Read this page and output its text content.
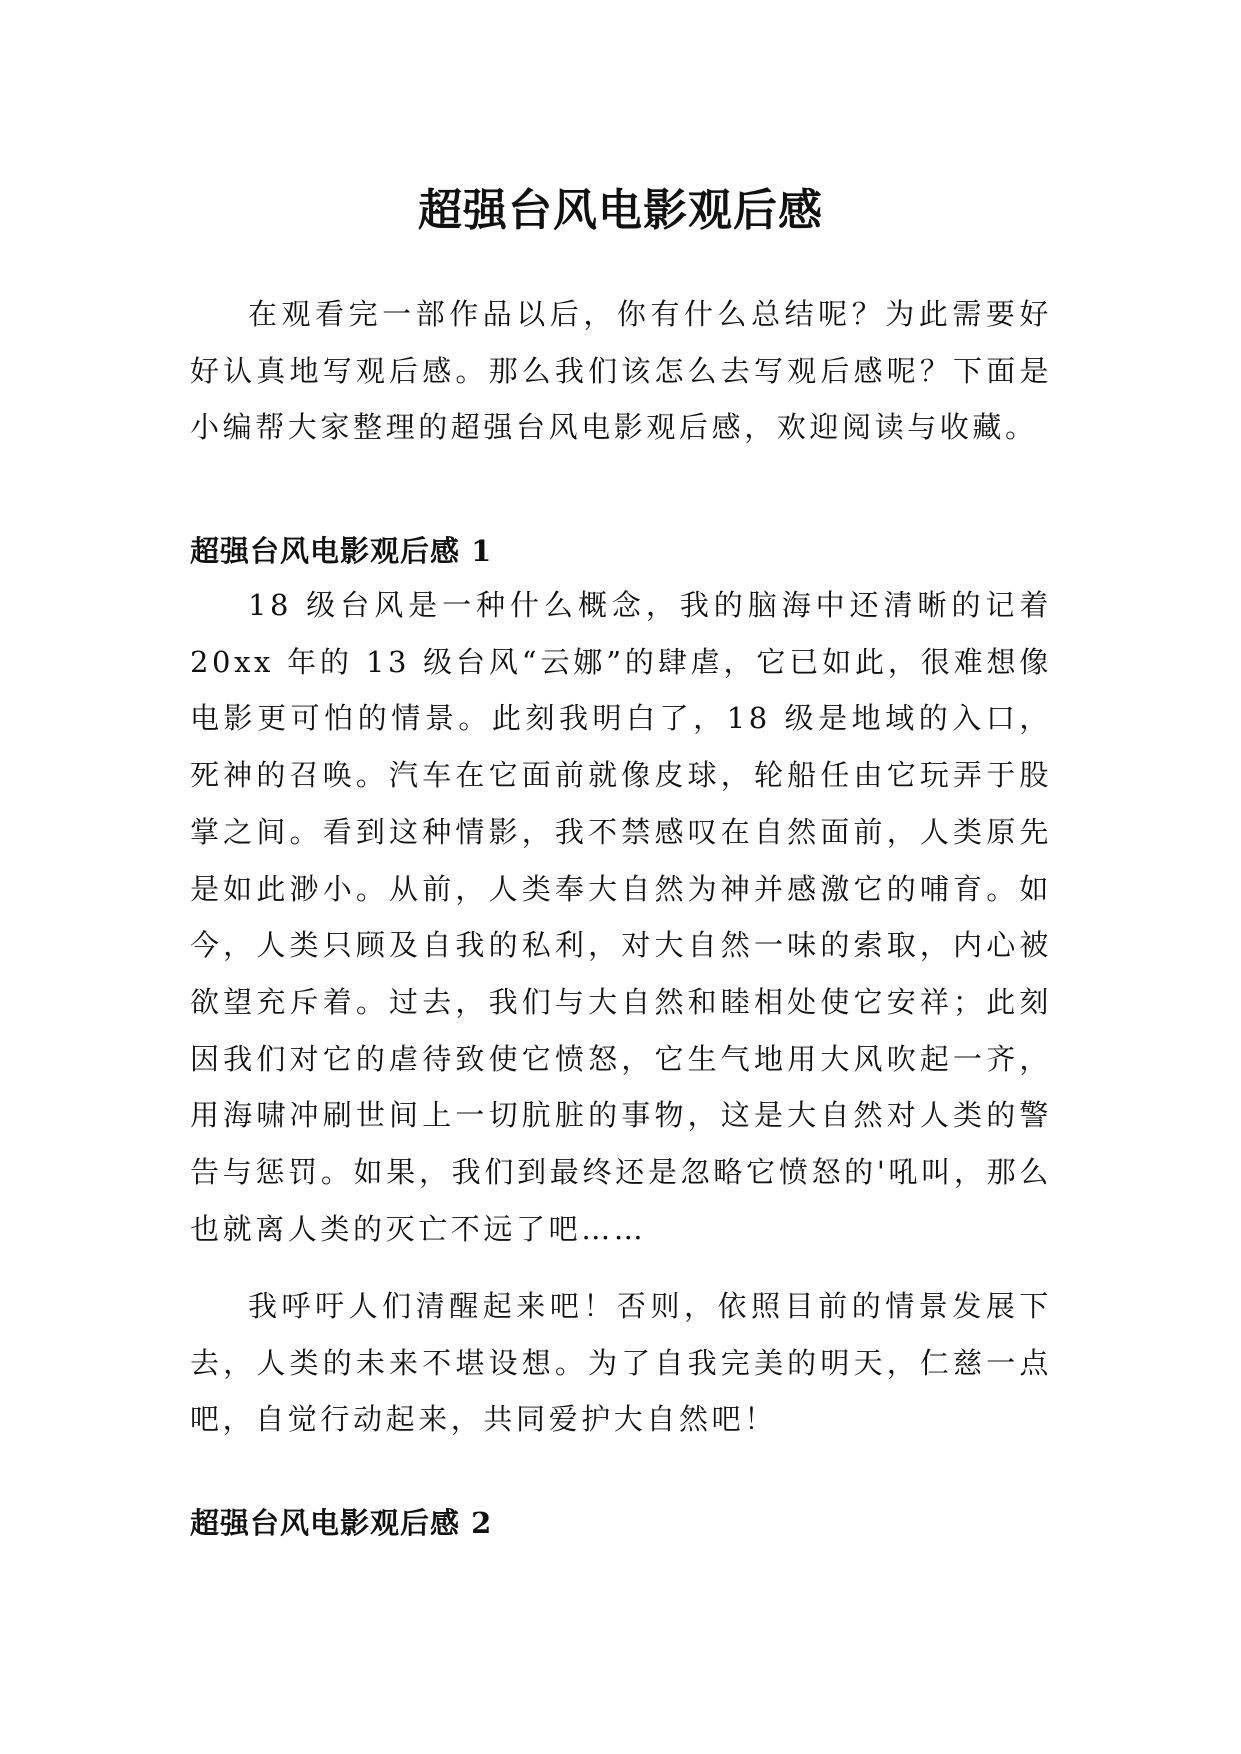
超强台风电影观后感

在观看完一部作品以后，你有什么总结呢？为此需要好好认真地写观后感。那么我们该怎么去写观后感呢？下面是小编帮大家整理的超强台风电影观后感，欢迎阅读与收藏。

超强台风电影观后感 1

18 级台风是一种什么概念，我的脑海中还清晰的记着 20xx 年的 13 级台风“云娜”的肆虐，它已如此，很难想像电影更可怕的情景。此刻我明白了，18 级是地域的入口，死神的召唤。汽车在它面前就像皮球，轮船任由它玩弄于股掌之间。看到这种情影，我不禁感叹在自然面前，人类原先是如此渺小。从前，人类奉大自然为神并感激它的哺育。如今，人类只顾及自我的私利，对大自然一味的索取，内心被欲望充斥着。过去，我们与大自然和睦相处使它安祥；此刻因我们对它的虐待致使它愤怒，它生气地用大风吹起一齐，用海啸冲刷世间上一切肮脏的事物，这是大自然对人类的警告与惩罚。如果，我们到最终还是忽略它愤怒的'吼叫，那么也就离人类的灭亡不远了吧……

我呼吁人们清醒起来吧！否则，依照目前的情景发展下去，人类的未来不堪设想。为了自我完美的明天，仁慈一点吧，自觉行动起来，共同爱护大自然吧！

超强台风电影观后感 2
